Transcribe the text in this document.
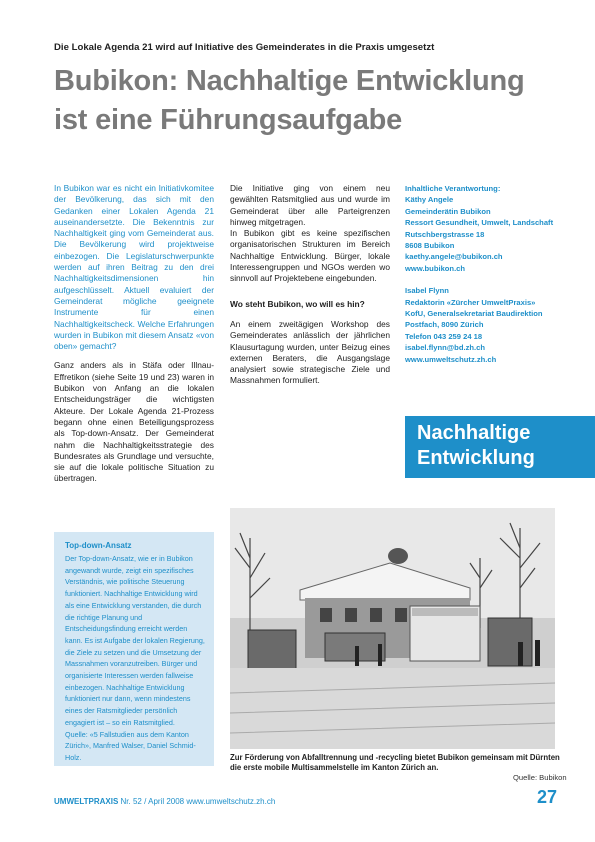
Die Lokale Agenda 21 wird auf Initiative des Gemeinderates in die Praxis umgesetzt
Bubikon: Nachhaltige Entwicklung
ist eine Führungsaufgabe

In Bubikon war es nicht ein Initiativkomitee der Bevölkerung, das sich mit den Gedanken einer Lokalen Agenda 21 auseinandersetzte. Die Bekenntnis zur Nachhaltigkeit ging vom Gemeinderat aus. Die Bevölkerung wird projektweise einbezogen. Die Legislaturschwerpunkte werden auf ihren Beitrag zu den drei Nachhaltigkeitsdimensionen hin aufgeschlüsselt. Aktuell evaluiert der Gemeinderat mögliche geeignete Instrumente für einen Nachhaltigkeitscheck. Welche Erfahrungen wurden in Bubikon mit diesem Ansatz «von oben» gemacht?

Ganz anders als in Stäfa oder Illnau-Effretikon (siehe Seite 19 und 23) waren in Bubikon von Anfang an die lokalen Entscheidungsträger die wichtigsten Akteure. Der Lokale Agenda 21-Prozess begann ohne einen Beteiligungsprozess als Top-down-Ansatz. Der Gemeinderat nahm die Nachhaltigkeitsstrategie des Bundesrates als Grundlage und versuchte, sie auf die lokale politische Situation zu übertragen.

Die Initiative ging von einem neu gewählten Ratsmitglied aus und wurde im Gemeinderat über alle Parteigrenzen hinweg mitgetragen.

In Bubikon gibt es keine spezifischen organisatorischen Strukturen im Bereich Nachhaltige Entwicklung. Bürger, lokale Interessengruppen und NGOs werden wo sinnvoll auf Projektebene eingebunden.

Wo steht Bubikon, wo will es hin?

An einem zweitägigen Workshop des Gemeinderates anlässlich der jährlichen Klausurtagung wurden, unter Beizug eines externen Beraters, die Ausgangslage analysiert sowie strategische Ziele und Massnahmen formuliert.

Inhaltliche Verantwortung:
Käthy Angele
Gemeinderätin Bubikon
Ressort Gesundheit, Umwelt, Landschaft
Rutschbergstrasse 18
8608 Bubikon
kaethy.angele@bubikon.ch
www.bubikon.ch
Isabel Flynn
Redaktorin «Zürcher UmweltPraxis»
KofU, Generalsekretariat Baudirektion
Postfach, 8090 Zürich
Telefon 043 259 24 18
isabel.flynn@bd.zh.ch
www.umweltschutz.zh.ch
Nachhaltige
Entwicklung
Top-down-Ansatz
Der Top-down-Ansatz, wie er in Bubikon angewandt wurde, zeigt ein spezifisches Verständnis, wie politische Steuerung funktioniert. Nachhaltige Entwicklung wird als eine Entwicklung verstanden, die durch die richtige Planung und Entscheidungsfindung erreicht werden kann. Es ist Aufgabe der lokalen Regierung, die Ziele zu setzen und die Umsetzung der Massnahmen voranzutreiben. Bürger und organisierte Interessen werden fallweise einbezogen. Nachhaltige Entwicklung funktioniert nur dann, wenn mindestens eines der Ratsmitglieder persönlich engagiert ist – so ein Ratsmitglied.
Quelle: «5 Fallstudien aus dem Kanton Zürich», Manfred Walser, Daniel Schmid-Holz.	Zur Förderung von Abfalltrennung und -recycling bietet Bubikon gemeinsam mit Dürnten die erste mobile Multisammelstelle im Kanton Zürich an.
Quelle: Bubikon
UMWELTPRAXIS Nr. 52 / April 2008 www.umweltschutz.zh.ch	27
